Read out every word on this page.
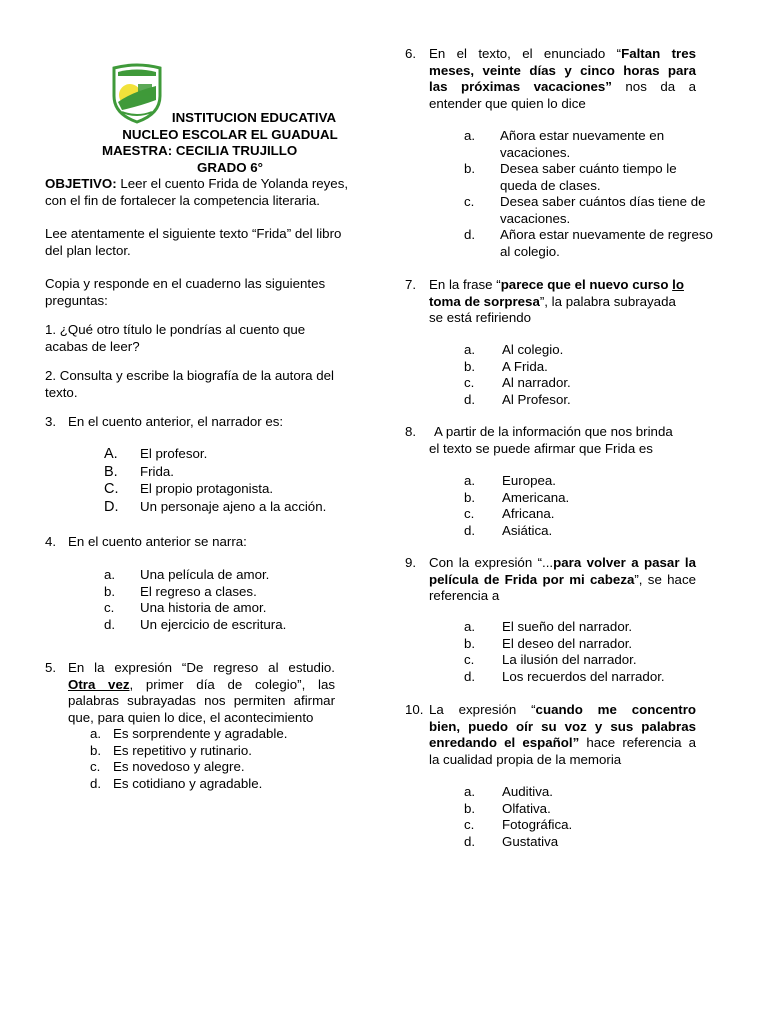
INSTITUCION EDUCATIVA
NUCLEO ESCOLAR EL GUADUAL
MAESTRA: CECILIA TRUJILLO
GRADO 6°
OBJETIVO: Leer el cuento Frida de Yolanda reyes,
con el fin de fortalecer la competencia literaria.
Lee atentamente el siguiente texto “Frida” del libro
del plan lector.
Copia y responde en el cuaderno las siguientes
preguntas:
1. ¿Qué otro título le pondrías al cuento que
acabas de leer?
2. Consulta y escribe la biografía de la autora del
texto.
3. En el cuento anterior, el narrador es:
A. El profesor.
B. Frida.
C. El propio protagonista.
D. Un personaje ajeno a la acción.
4. En el cuento anterior se narra:
a. Una película de amor.
b. El regreso a clases.
c. Una historia de amor.
d. Un ejercicio de escritura.
5. En la expresión “De regreso al estudio.
Otra vez, primer día de colegio”, las
palabras subrayadas nos permiten afirmar
que, para quien lo dice, el acontecimiento
a. Es sorprendente y agradable.
b. Es repetitivo y rutinario.
c. Es novedoso y alegre.
d. Es cotidiano y agradable.
6. En el texto, el enunciado “Faltan tres
meses, veinte días y cinco horas para
las próximas vacaciones” nos da a
entender que quien lo dice
a. Añora estar nuevamente en
vacaciones.
b. Desea saber cuánto tiempo le
queda de clases.
c. Desea saber cuántos días tiene de
vacaciones.
d. Añora estar nuevamente de regreso
al colegio.
7. En la frase “parece que el nuevo curso lo
toma de sorpresa”, la palabra subrayada
se está refiriendo
a. Al colegio.
b. A Frida.
c. Al narrador.
d. Al Profesor.
8.	A partir de la información que nos brinda
el texto se puede afirmar que Frida es
a. Europea.
b. Americana.
c. Africana.
d. Asiática.
9. Con la expresión “...para volver a pasar la
película de Frida por mi cabeza”, se hace
referencia a
a. El sueño del narrador.
b. El deseo del narrador.
c. La ilusión del narrador.
d. Los recuerdos del narrador.
10. La expresión “cuando me concentro
bien, puedo oír su voz y sus palabras
enredando el español” hace referencia a
la cualidad propia de la memoria
a. Auditiva.
b. Olfativa.
c. Fotográfica.
d. Gustativa
